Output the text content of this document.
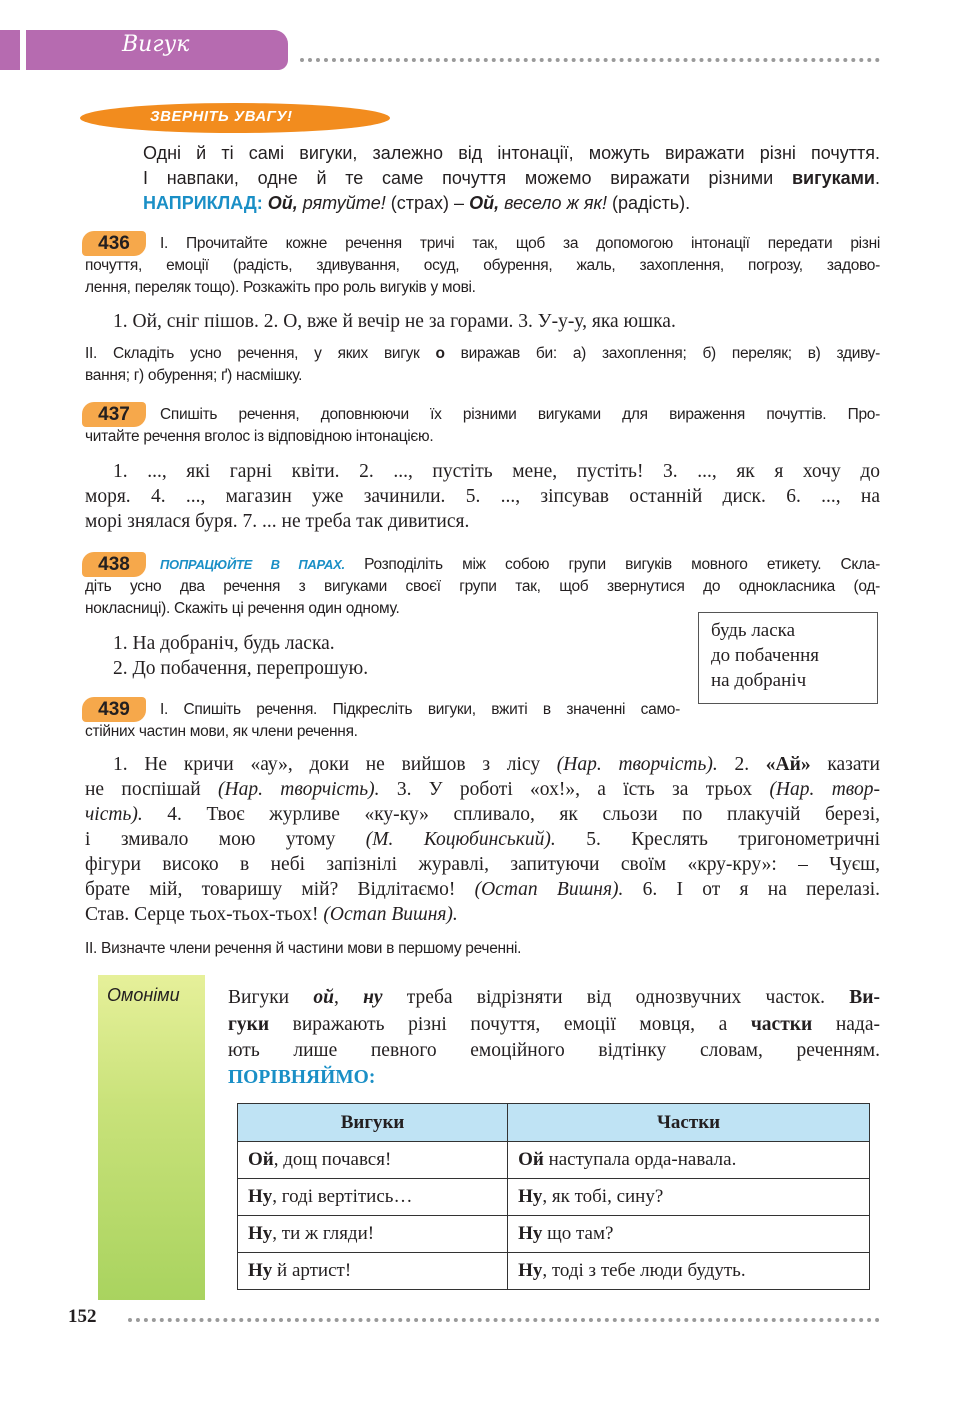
Вигук
ЗВЕРНІТЬ УВАГУ!
Одні й ті самі вигуки, залежно від інтонації, можуть виражати різні почуття.
І навпаки, одне й те саме почуття можемо виражати різними вигуками.
НАПРИКЛАД: Ой, рятуйте! (страх) – Ой, весело ж як! (радість).
436	І. Прочитайте кожне речення тричі так, щоб за допомогою інтонації передати різні
почуття, емоції (радість, здивування, осуд, обурення, жаль, захоплення, погрозу, задово-
лення, переляк тощо). Розкажіть про роль вигуків у мові.
1. Ой, сніг пішов. 2. О, вже й вечір не за горами. 3. У-у-у, яка юшка.
ІІ. Складіть усно речення, у яких вигук о виражав би: а) захоплення; б) переляк; в) здиву-
вання; г) обурення; ґ) насмішку.
437	Спишіть речення, доповнюючи їх різними вигуками для вираження почуттів. Про-
читайте речення вголос із відповідною інтонацією.
1. ..., які гарні квіти. 2. ..., пустіть мене, пустіть! 3. ..., як я хочу до
моря. 4. ..., магазин уже зачинили. 5. ..., зіпсував останній диск. 6. ..., на
морі знялася буря. 7. ... не треба так дивитися.
438	ПОПРАЦЮЙТЕ В ПАРАХ. Розподіліть між собою групи вигуків мовного етикету. Скла-
діть усно два речення з вигуками своєї групи так, щоб звернутися до однокласника (од-
нокласниці). Скажіть ці речення один одному.
1. На добраніч, будь ласка.
2. До побачення, перепрошую.
будь ласка
до побачення
на добраніч
439	І. Спишіть речення. Підкресліть вигуки, вжиті в значенні само-
стійних частин мови, як члени речення.
1. Не кричи «ау», доки не вийшов з лісу (Нар. творчість). 2. «Ай» казати
не поспішай (Нар. творчість). 3. У роботі «ох!», а їсть за трьох (Нар. твор-
чість). 4. Твоє журливе «ку-ку» спливало, як сльози по плакучій березі,
і змивало мою утому (М. Коцюбинський). 5. Креслять тригонометричні
фігури високо в небі запізнілі журавлі, запитуючи своїм «кру-кру»: – Чуєш,
брате мій, товаришу мій? Відлітаємо! (Остап Вишня). 6. І от я на перелазі.
Став. Серце тьох-тьох-тьох! (Остап Вишня).
ІІ. Визначте члени речення й частини мови в першому реченні.
Омоніми Вигуки ой, ну треба відрізняти від однозвучних часток. Ви-
гуки виражають різні почуття, емоції мовця, а частки нада-
ють лише певного емоційного відтінку словам, реченням.
ПОРІВНЯЙМО:
Вигуки	Частки
Ой, дощ почався!	Ой наступала орда-навала.
Ну, годі вертітись…	Ну, як тобі, сину?
Ну, ти ж гляди!	Ну що там?
Ну й артист!	Ну, тоді з тебе люди будуть.
152
